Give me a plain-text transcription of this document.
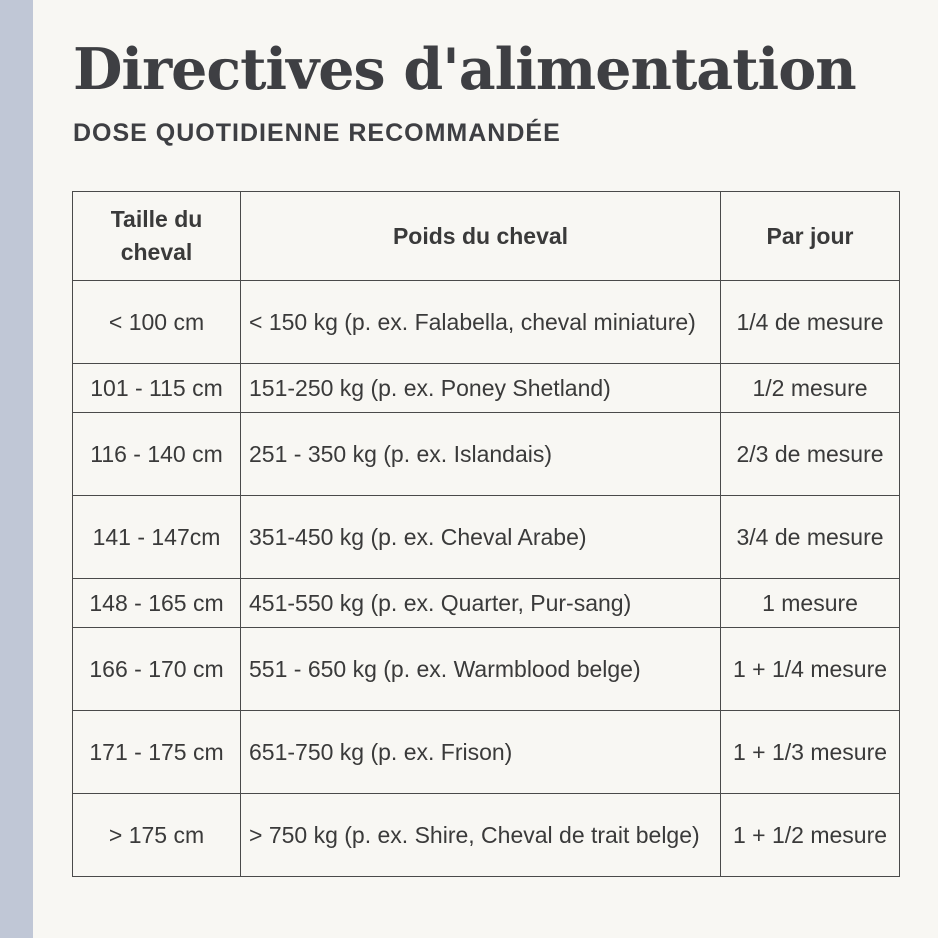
Directives d'alimentation
DOSE QUOTIDIENNE RECOMMANDÉE
Taille du cheval	Poids du cheval	Par jour
< 100 cm	< 150 kg (p. ex. Falabella, cheval miniature)	1/4 de mesure
101 - 115 cm	151-250 kg (p. ex. Poney Shetland)	1/2 mesure
116 - 140 cm	251 - 350 kg (p. ex. Islandais)	2/3 de mesure
141 - 147cm	351-450 kg (p. ex. Cheval Arabe)	3/4 de mesure
148 - 165 cm	451-550 kg (p. ex. Quarter, Pur-sang)	1 mesure
166 - 170 cm	551 - 650 kg (p. ex. Warmblood belge)	1 + 1/4 mesure
171 - 175 cm	651-750 kg (p. ex. Frison)	1 + 1/3 mesure
> 175 cm	> 750 kg (p. ex. Shire, Cheval de trait belge)	1 + 1/2 mesure
